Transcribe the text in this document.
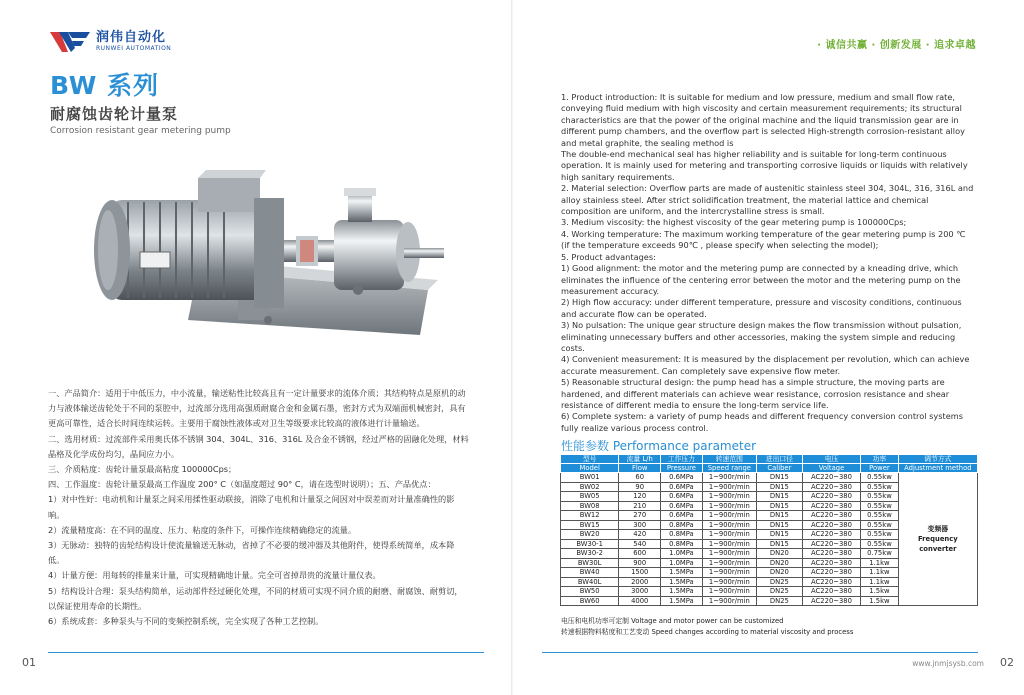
润伟自动化
RUNWEI AUTOMATION
BW 系列
耐腐蚀齿轮计量泵
Corrosion resistant gear metering pump

一、产品简介：适用于中低压力，中小流量，输送粘性比较高且有一定计量要求的流体介质；其结构特点是原机的动力与液体输送齿轮处于不同的泵腔中，过流部分选用高强质耐腐合金和金属石墨，密封方式为双端面机械密封，具有更高可靠性，适合长时间连续运转。主要用于腐蚀性液体或对卫生等级要求比较高的液体进行计量输送。

二、选用材质：过流部件采用奥氏体不锈钢 304、304L、316、316L 及合金不锈钢，经过严格的固融化处理，材料晶格及化学成份均匀，晶间应力小。

三、介质粘度：齿轮计量泵最高粘度 100000Cps；

四、工作温度：齿轮计量泵最高工作温度 200° C（如温度超过 90° C，请在选型时说明）；五、产品优点：

1）对中性好：电动机和计量泵之间采用揉性驱动联接，消除了电机和计量泵之间因对中误差而对计量准确性的影响。

2）流量精度高：在不同的温度、压力、粘度的条件下，可操作连续精确稳定的流量。

3）无脉动：独特的齿轮结构设计使流量输送无脉动，省掉了不必要的缓冲器及其他附件，使得系统简单，成本降低。

4）计量方便：用每转的排量来计量，可实现精确地计量。完全可省掉昂贵的流量计量仪表。

5）结构设计合理：泵头结构简单，运动部件经过硬化处理，不同的材质可实现不同介质的耐磨、耐腐蚀、耐剪切，以保证使用寿命的长期性。

6）系统成套：多种泵头与不同的变频控制系统，完全实现了各种工艺控制。

01
· 诚信共赢 · 创新发展 · 追求卓越

1. Product introduction: It is suitable for medium and low pressure, medium and small flow rate, conveying fluid medium with high viscosity and certain measurement requirements; its structural characteristics are that the power of the original machine and the liquid transmission gear are in different pump chambers, and the overflow part is selected High-strength corrosion-resistant alloy and metal graphite, the sealing method is

The double-end mechanical seal has higher reliability and is suitable for long-term continuous operation. It is mainly used for metering and transporting corrosive liquids or liquids with relatively high sanitary requirements.

2. Material selection: Overflow parts are made of austenitic stainless steel 304, 304L, 316, 316L and alloy stainless steel. After strict solidification treatment, the material lattice and chemical composition are uniform, and the intercrystalline stress is small.

3. Medium viscosity: the highest viscosity of the gear metering pump is 100000Cps;

4. Working temperature: The maximum working temperature of the gear metering pump is 200 ℃ (if the temperature exceeds 90℃ , please specify when selecting the model);

5. Product advantages:

1) Good alignment: the motor and the metering pump are connected by a kneading drive, which eliminates the influence of the centering error between the motor and the metering pump on the measurement accuracy.

2) High flow accuracy: under different temperature, pressure and viscosity conditions, continuous and accurate flow can be operated.

3) No pulsation: The unique gear structure design makes the flow transmission without pulsation, eliminating unnecessary buffers and other accessories, making the system simple and reducing costs.

4) Convenient measurement: It is measured by the displacement per revolution, which can achieve accurate measurement. Can completely save expensive flow meter.

5) Reasonable structural design: the pump head has a simple structure, the moving parts are hardened, and different materials can achieve wear resistance, corrosion resistance and shear resistance of different media to ensure the long-term service life.

6) Complete system: a variety of pump heads and different frequency conversion control systems fully realize various process control.

性能参数 Performance parameter
型号	流量 L/h	工作压力	转速范围	进出口径	电压	功率	调节方式
Model	Flow	Pressure	Speed range	Caliber	Voltage	Power	Adjustment method
BW01	60	0.6MPa	1~900r/min	DN15	AC220~380	0.55kw	变频器
Frequency converter
BW02	90	0.6MPa	1~900r/min	DN15	AC220~380	0.55kw	
BW05	120	0.6MPa	1~900r/min	DN15	AC220~380	0.55kw	
BW08	210	0.6MPa	1~900r/min	DN15	AC220~380	0.55kw	
BW12	270	0.6MPa	1~900r/min	DN15	AC220~380	0.55kw	
BW15	300	0.8MPa	1~900r/min	DN15	AC220~380	0.55kw	
BW20	420	0.8MPa	1~900r/min	DN15	AC220~380	0.55kw	
BW30-1	540	0.8MPa	1~900r/min	DN15	AC220~380	0.55kw	
BW30-2	600	1.0MPa	1~900r/min	DN20	AC220~380	0.75kw	
BW30L	900	1.0MPa	1~900r/min	DN20	AC220~380	1.1kw	
BW40	1500	1.5MPa	1~900r/min	DN20	AC220~380	1.1kw	
BW40L	2000	1.5MPa	1~900r/min	DN25	AC220~380	1.1kw	
BW50	3000	1.5MPa	1~900r/min	DN25	AC220~380	1.5kw	
BW60	4000	1.5MPa	1~900r/min	DN25	AC220~380	1.5kw	
电压和电机功率可定制 Voltage and motor power can be customized
转速根据物料粘度和工艺变动 Speed changes according to material viscosity and process
www.jnmjsysb.com 02
